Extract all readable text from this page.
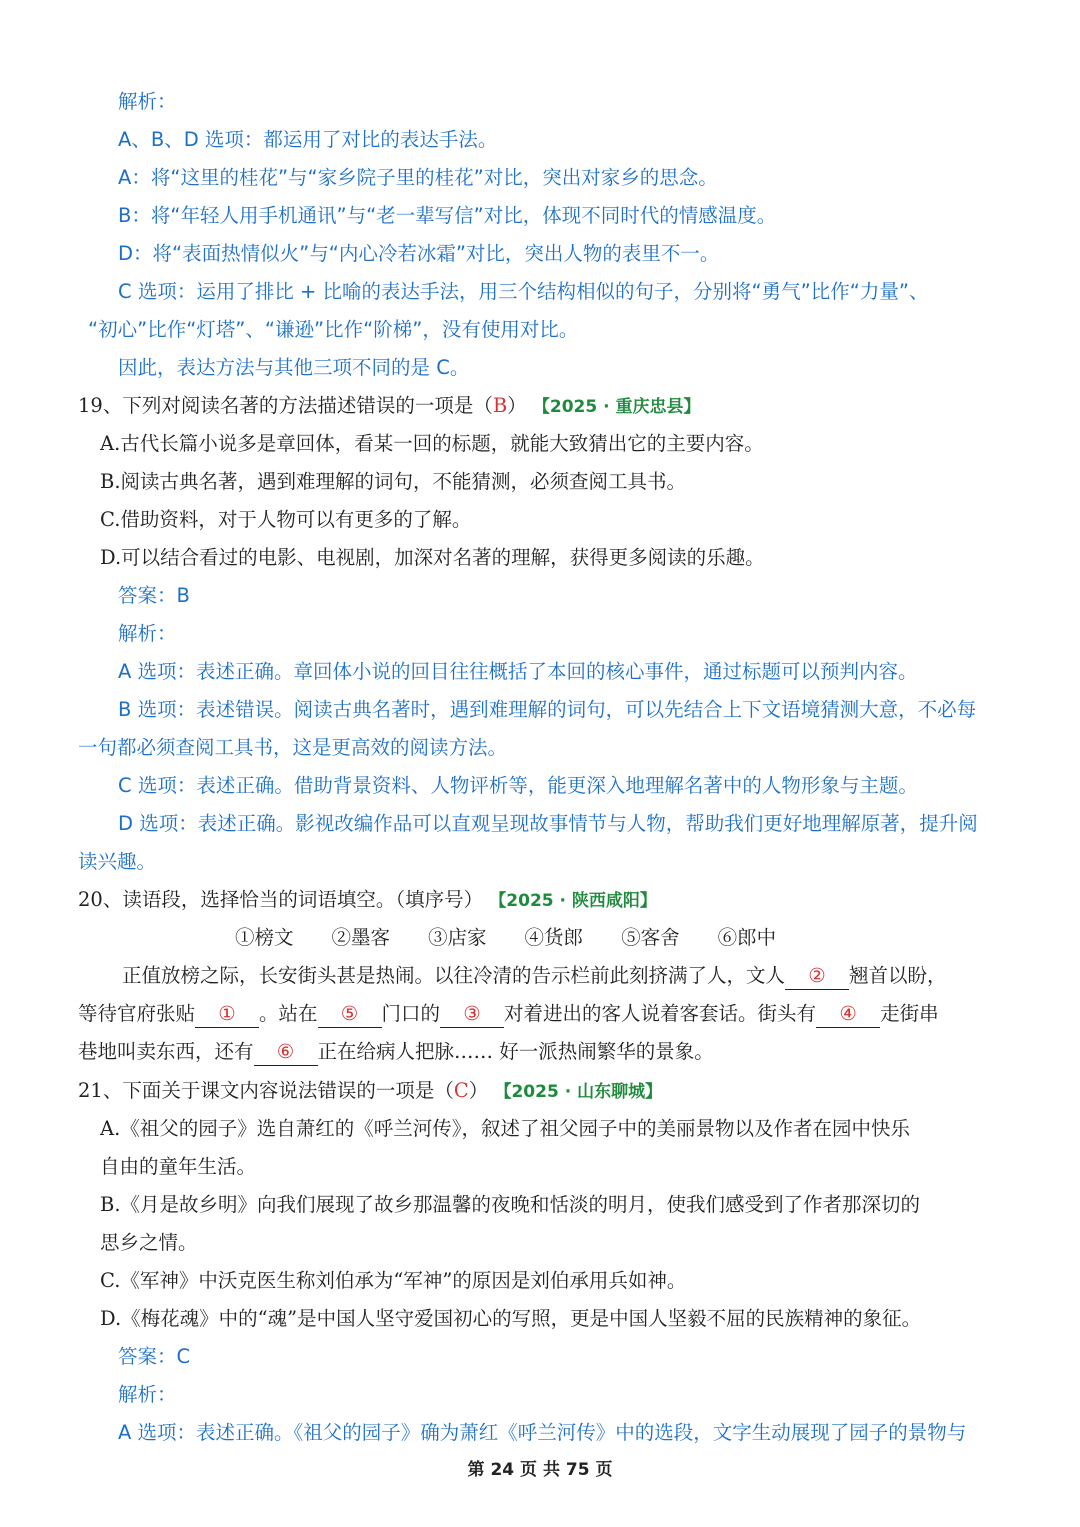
解析：
A、B、D 选项：都运用了对比的表达手法。
A：将“这里的桂花”与“家乡院子里的桂花”对比，突出对家乡的思念。
B：将“年轻人用手机通讯”与“老一辈写信”对比，体现不同时代的情感温度。
D：将“表面热情似火”与“内心冷若冰霜”对比，突出人物的表里不一。
C 选项：运用了排比 + 比喻的表达手法，用三个结构相似的句子，分别将“勇气”比作“力量”、
“初心”比作“灯塔”、“谦逊”比作“阶梯”，没有使用对比。
因此，表达方法与其他三项不同的是 C。
19、下列对阅读名著的方法描述错误的一项是（B） 【2025 · 重庆忠县】
A.古代长篇小说多是章回体，看某一回的标题，就能大致猜出它的主要内容。
B.阅读古典名著，遇到难理解的词句，不能猜测，必须查阅工具书。
C.借助资料，对于人物可以有更多的了解。
D.可以结合看过的电影、电视剧，加深对名著的理解，获得更多阅读的乐趣。
答案：B
解析：
A 选项：表述正确。章回体小说的回目往往概括了本回的核心事件，通过标题可以预判内容。
B 选项：表述错误。阅读古典名著时，遇到难理解的词句，可以先结合上下文语境猜测大意，不必每
一句都必须查阅工具书，这是更高效的阅读方法。
C 选项：表述正确。借助背景资料、人物评析等，能更深入地理解名著中的人物形象与主题。
D 选项：表述正确。影视改编作品可以直观呈现故事情节与人物，帮助我们更好地理解原著，提升阅
读兴趣。
20、读语段，选择恰当的词语填空。（填序号） 【2025 · 陕西咸阳】
①榜文 ②墨客 ③店家 ④货郎 ⑤客舍 ⑥郎中
正值放榜之际，长安街头甚是热闹。以往冷清的告示栏前此刻挤满了人，文人 ② 翘首以盼，
等待官府张贴 ① 。站在 ⑤ 门口的 ③ 对着进出的客人说着客套话。街头有 ④ 走街串
巷地叫卖东西，还有 ⑥ 正在给病人把脉…… 好一派热闹繁华的景象。
21、下面关于课文内容说法错误的一项是（C） 【2025 · 山东聊城】
A.《祖父的园子》选自萧红的《呼兰河传》，叙述了祖父园子中的美丽景物以及作者在园中快乐
自由的童年生活。
B.《月是故乡明》向我们展现了故乡那温馨的夜晚和恬淡的明月，使我们感受到了作者那深切的
思乡之情。
C.《军神》中沃克医生称刘伯承为“军神”的原因是刘伯承用兵如神。
D.《梅花魂》中的“魂”是中国人坚守爱国初心的写照，更是中国人坚毅不屈的民族精神的象征。
答案：C
解析：
A 选项：表述正确。《祖父的园子》确为萧红《呼兰河传》中的选段，文字生动展现了园子的景物与
第 24 页 共 75 页
